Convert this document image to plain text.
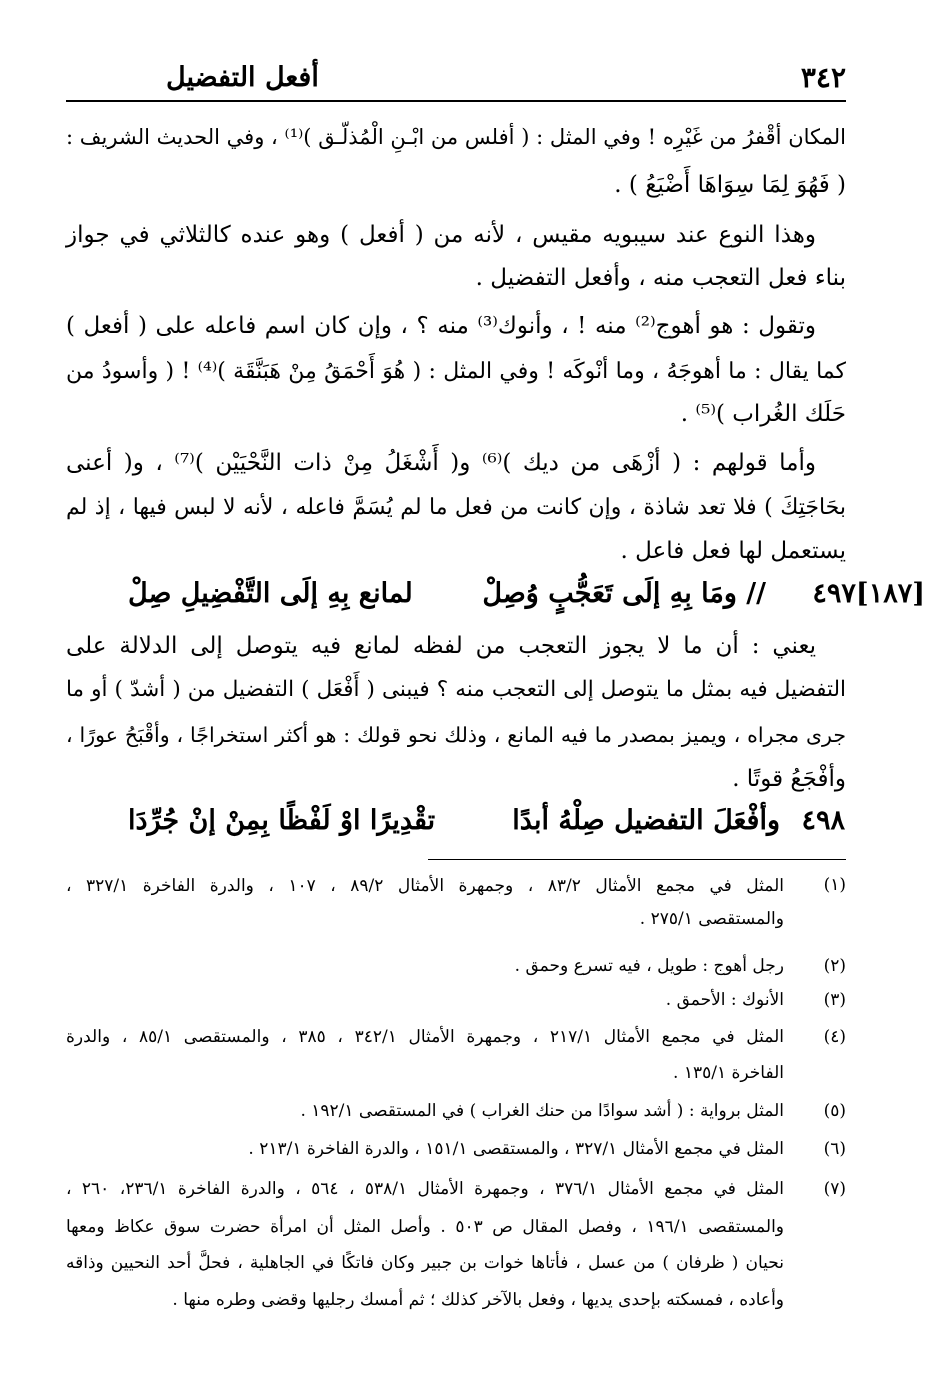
٣٤٢
أفعل التفضيل
المكان أقْفرُ من غَيْرِه ! وفي المثل : ( أفلس من ابْـنِ الْمُذلّـق )⁽¹⁾ ، وفي الحديث الشريف :
( فَهُوَ لِمَا سِوَاهَا أَضْيَعُ ) .
وهذا النوع عند سيبويه مقيس ، لأنه من ( أفعل ) وهو عنده كالثلاثي في جواز
بناء فعل التعجب منه ، وأفعل التفضيل .
وتقول : هو أهوج⁽²⁾ منه ! ، وأنوك⁽³⁾ منه ؟ ، وإن كان اسم فاعله على ( أفعل )
كما يقال : ما أهوجَهُ ، وما أنْوكَه ! وفي المثل : ( هُوَ أَحْمَقُ مِنْ هَبَنَّقَة )⁽⁴⁾ ! ( وأسودُ من
حَلَك الغُراب )⁽⁵⁾ .
وأما قولهم : ( أزْهَى من ديك )⁽⁶⁾ و( أَشْغَلُ مِنْ ذات النَّحْيَيْن )⁽⁷⁾ ، و( أعنى
بحَاجَتِكَ ) فلا تعد شاذة ، وإن كانت من فعل ما لم يُسَمَّ فاعله ، لأنه لا لبس فيها ، إذ لم
يستعمل لها فعل فاعل .
[١٨٧]٤٩٧
// ومَا بِهِ إلَى تَعَجُّبٍ وُصِلْ
لمانع بِهِ إلَى التَّفْضِيلِ صِلْ
يعني : أن ما لا يجوز التعجب من لفظه لمانع فيه يتوصل إلى الدلالة على
التفضيل فيه بمثل ما يتوصل إلى التعجب منه ؟ فيبنى ( أَفْعَل ) التفضيل من ( أشدّ ) أو ما
جرى مجراه ، ويميز بمصدر ما فيه المانع ، وذلك نحو قولك : هو أكثر استخراجًا ، وأقْبَحُ عورًا ،
وأفْجَعُ قوتًا .
٤٩٨
وأفْعَلَ التفضيل صِلْهُ أبدًا
تقْدِيرًا اوْ لَفْظًا بِمِنْ إنْ جُرِّدَا
(١)
المثل في مجمع الأمثال ٨٣/٢ ، وجمهرة الأمثال ٨٩/٢ ، ١٠٧ ، والدرة الفاخرة ٣٢٧/١ ،
والمستقصى ٢٧٥/١ .
(٢)
رجل أهوج : طويل ، فيه تسرع وحمق .
(٣)
الأنوك : الأحمق .
(٤)
المثل في مجمع الأمثال ٢١٧/١ ، وجمهرة الأمثال ٣٤٢/١ ، ٣٨٥ ، والمستقصى ٨٥/١ ، والدرة
الفاخرة ١٣٥/١ .
(٥)
المثل برواية : ( أشد سوادًا من حنك الغراب ) في المستقصى ١٩٢/١ .
(٦)
المثل في مجمع الأمثال ٣٢٧/١ ، والمستقصى ١٥١/١ ، والدرة الفاخرة ٢١٣/١ .
(٧)
المثل في مجمع الأمثال ٣٧٦/١ ، وجمهرة الأمثال ٥٣٨/١ ، ٥٦٤ ، والدرة الفاخرة ٢٣٦/١، ٢٦٠ ،
والمستقصى ١٩٦/١ ، وفصل المقال ص ٥٠٣ . وأصل المثل أن امرأة حضرت سوق عكاظ ومعها
نحيان ( ظرفان ) من عسل ، فأتاها خوات بن جبير وكان فاتكًا في الجاهلية ، فحلَّ أحد النحيين وذاقه
وأعاده ، فمسكته بإحدى يديها ، وفعل بالآخر كذلك ؛ ثم أمسك رجليها وقضى وطره منها .
